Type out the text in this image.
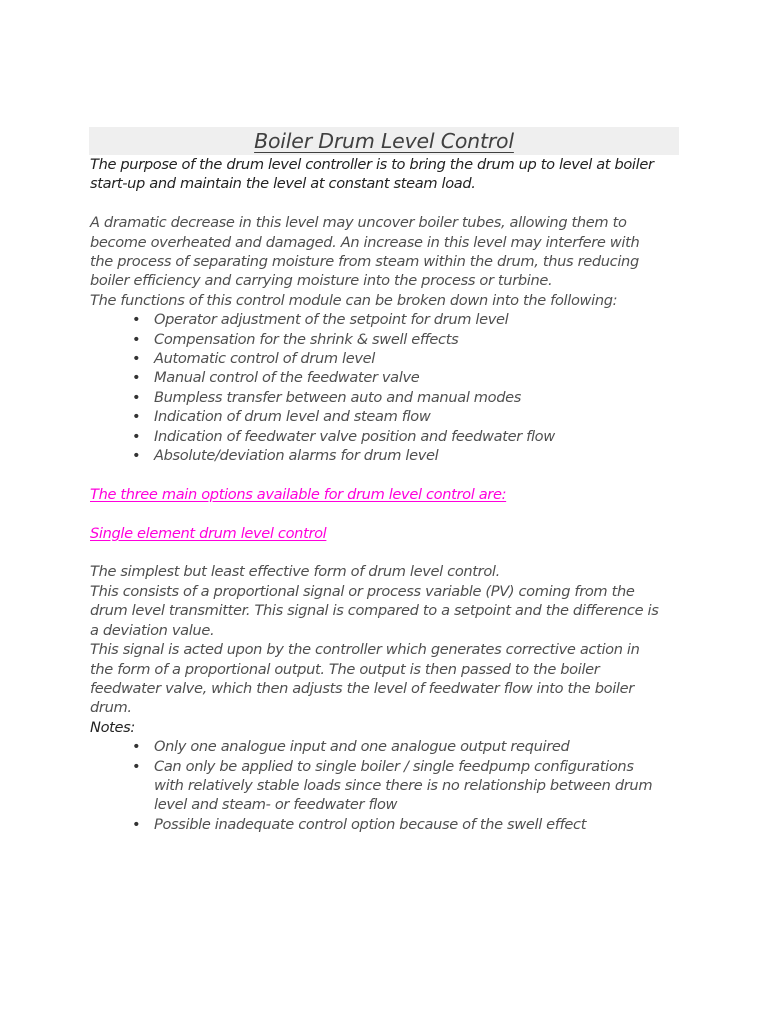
Boiler Drum Level Control

The purpose of the drum level controller is to bring the drum up to level at boiler

start-up and maintain the level at constant steam load.

A dramatic decrease in this level may uncover boiler tubes, allowing them to

become overheated and damaged. An increase in this level may interfere with

the process of separating moisture from steam within the drum, thus reducing

boiler efficiency and carrying moisture into the process or turbine.

The functions of this control module can be broken down into the following:

• Operator adjustment of the setpoint for drum level
• Compensation for the shrink & swell effects
• Automatic control of drum level
• Manual control of the feedwater valve
• Bumpless transfer between auto and manual modes
• Indication of drum level and steam flow
• Indication of feedwater valve position and feedwater flow
• Absolute/deviation alarms for drum level

The three main options available for drum level control are:

Single element drum level control

The simplest but least effective form of drum level control.

This consists of a proportional signal or process variable (PV) coming from the

drum level transmitter. This signal is compared to a setpoint and the difference is

a deviation value.

This signal is acted upon by the controller which generates corrective action in

the form of a proportional output. The output is then passed to the boiler

feedwater valve, which then adjusts the level of feedwater flow into the boiler

drum.

Notes:

• Only one analogue input and one analogue output required
• Can only be applied to single boiler / single feedpump configurations
with relatively stable loads since there is no relationship between drum
level and steam- or feedwater flow
• Possible inadequate control option because of the swell effect
